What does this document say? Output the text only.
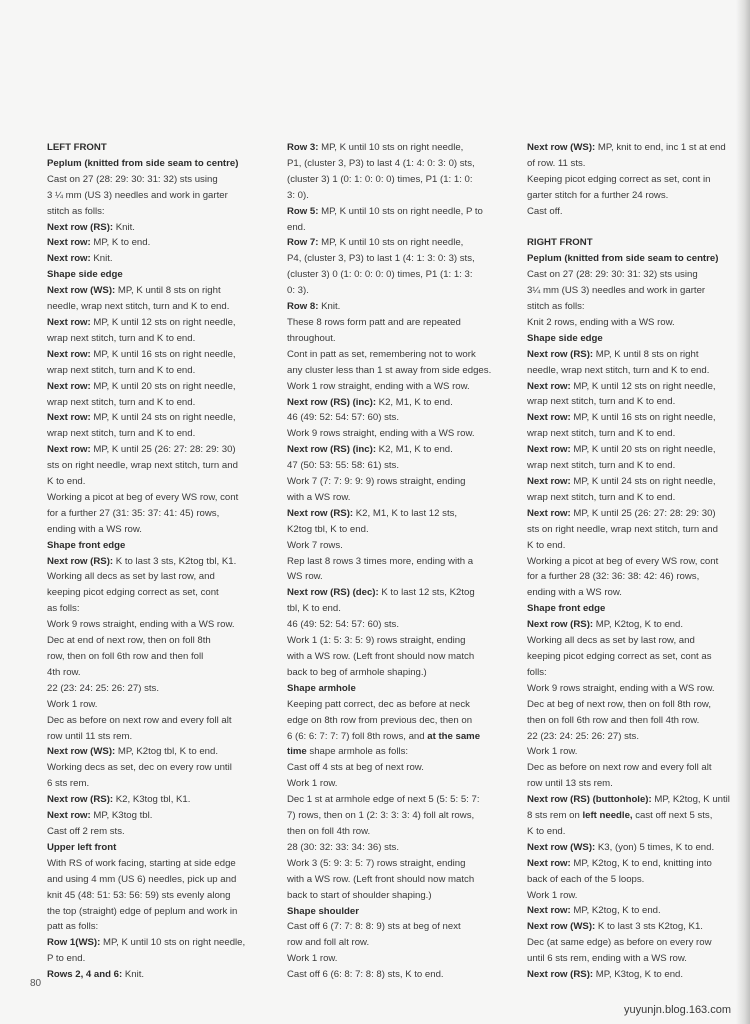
LEFT FRONT
Peplum (knitted from side seam to centre)
Cast on 27 (28: 29: 30: 31: 32) sts using
3 ¼ mm (US 3) needles and work in garter
stitch as folls:
Next row (RS): Knit.
Next row: MP, K to end.
Next row: Knit.
Shape side edge
Next row (WS): MP, K until 8 sts on right
needle, wrap next stitch, turn and K to end.
Next row: MP, K until 12 sts on right needle,
wrap next stitch, turn and K to end.
Next row: MP, K until 16 sts on right needle,
wrap next stitch, turn and K to end.
Next row: MP, K until 20 sts on right needle,
wrap next stitch, turn and K to end.
Next row: MP, K until 24 sts on right needle,
wrap next stitch, turn and K to end.
Next row: MP, K until 25 (26: 27: 28: 29: 30)
sts on right needle, wrap next stitch, turn and
K to end.
Working a picot at beg of every WS row, cont
for a further 27 (31: 35: 37: 41: 45) rows,
ending with a WS row.
Shape front edge
Next row (RS): K to last 3 sts, K2tog tbl, K1.
Working all decs as set by last row, and
keeping picot edging correct as set, cont
as folls:
Work 9 rows straight, ending with a WS row.
Dec at end of next row, then on foll 8th
row, then on foll 6th row and then foll
4th row.
22 (23: 24: 25: 26: 27) sts.
Work 1 row.
Dec as before on next row and every foll alt
row until 11 sts rem.
Next row (WS): MP, K2tog tbl, K to end.
Working decs as set, dec on every row until
6 sts rem.
Next row (RS): K2, K3tog tbl, K1.
Next row: MP, K3tog tbl.
Cast off 2 rem sts.
Upper left front
With RS of work facing, starting at side edge
and using 4 mm (US 6) needles, pick up and
knit 45 (48: 51: 53: 56: 59) sts evenly along
the top (straight) edge of peplum and work in
patt as folls:
Row 1(WS): MP, K until 10 sts on right needle,
P to end.
Rows 2, 4 and 6: Knit.
Row 3: MP, K until 10 sts on right needle,
P1, (cluster 3, P3) to last 4 (1: 4: 0: 3: 0) sts,
(cluster 3) 1 (0: 1: 0: 0: 0) times, P1 (1: 1: 0:
3: 0).
Row 5: MP, K until 10 sts on right needle, P to
end.
Row 7: MP, K until 10 sts on right needle,
P4, (cluster 3, P3) to last 1 (4: 1: 3: 0: 3) sts,
(cluster 3) 0 (1: 0: 0: 0: 0) times, P1 (1: 1: 3:
0: 3).
Row 8: Knit.
These 8 rows form patt and are repeated
throughout.
Cont in patt as set, remembering not to work
any cluster less than 1 st away from side edges.
Work 1 row straight, ending with a WS row.
Next row (RS) (inc): K2, M1, K to end.
46 (49: 52: 54: 57: 60) sts.
Work 9 rows straight, ending with a WS row.
Next row (RS) (inc): K2, M1, K to end.
47 (50: 53: 55: 58: 61) sts.
Work 7 (7: 7: 9: 9: 9) rows straight, ending
with a WS row.
Next row (RS): K2, M1, K to last 12 sts,
K2tog tbl, K to end.
Work 7 rows.
Rep last 8 rows 3 times more, ending with a
WS row.
Next row (RS) (dec): K to last 12 sts, K2tog
tbl, K to end.
46 (49: 52: 54: 57: 60) sts.
Work 1 (1: 5: 3: 5: 9) rows straight, ending
with a WS row. (Left front should now match
back to beg of armhole shaping.)
Shape armhole
Keeping patt correct, dec as before at neck
edge on 8th row from previous dec, then on
6 (6: 6: 7: 7: 7) foll 8th rows, and at the same
time shape armhole as folls:
Cast off 4 sts at beg of next row.
Work 1 row.
Dec 1 st at armhole edge of next 5 (5: 5: 5: 7:
7) rows, then on 1 (2: 3: 3: 3: 4) foll alt rows,
then on foll 4th row.
28 (30: 32: 33: 34: 36) sts.
Work 3 (5: 9: 3: 5: 7) rows straight, ending
with a WS row. (Left front should now match
back to start of shoulder shaping.)
Shape shoulder
Cast off 6 (7: 7: 8: 8: 9) sts at beg of next
row and foll alt row.
Work 1 row.
Cast off 6 (6: 8: 7: 8: 8) sts, K to end.
Next row (WS): MP, knit to end, inc 1 st at end
of row. 11 sts.
Keeping picot edging correct as set, cont in
garter stitch for a further 24 rows.
Cast off.
RIGHT FRONT
Peplum (knitted from side seam to centre)
Cast on 27 (28: 29: 30: 31: 32) sts using
3¼ mm (US 3) needles and work in garter
stitch as folls:
Knit 2 rows, ending with a WS row.
Shape side edge
Next row (RS): MP, K until 8 sts on right
needle, wrap next stitch, turn and K to end.
Next row: MP, K until 12 sts on right needle,
wrap next stitch, turn and K to end.
Next row: MP, K until 16 sts on right needle,
wrap next stitch, turn and K to end.
Next row: MP, K until 20 sts on right needle,
wrap next stitch, turn and K to end.
Next row: MP, K until 24 sts on right needle,
wrap next stitch, turn and K to end.
Next row: MP, K until 25 (26: 27: 28: 29: 30)
sts on right needle, wrap next stitch, turn and
K to end.
Working a picot at beg of every WS row, cont
for a further 28 (32: 36: 38: 42: 46) rows,
ending with a WS row.
Shape front edge
Next row (RS): MP, K2tog, K to end.
Working all decs as set by last row, and
keeping picot edging correct as set, cont as
folls:
Work 9 rows straight, ending with a WS row.
Dec at beg of next row, then on foll 8th row,
then on foll 6th row and then foll 4th row.
22 (23: 24: 25: 26: 27) sts.
Work 1 row.
Dec as before on next row and every foll alt
row until 13 sts rem.
Next row (RS) (buttonhole): MP, K2tog, K until
8 sts rem on left needle, cast off next 5 sts,
K to end.
Next row (WS): K3, (yon) 5 times, K to end.
Next row: MP, K2tog, K to end, knitting into
back of each of the 5 loops.
Work 1 row.
Next row: MP, K2tog, K to end.
Next row (WS): K to last 3 sts K2tog, K1.
Dec (at same edge) as before on every row
until 6 sts rem, ending with a WS row.
Next row (RS): MP, K3tog, K to end.
80
yuyunjn.blog.163.com
